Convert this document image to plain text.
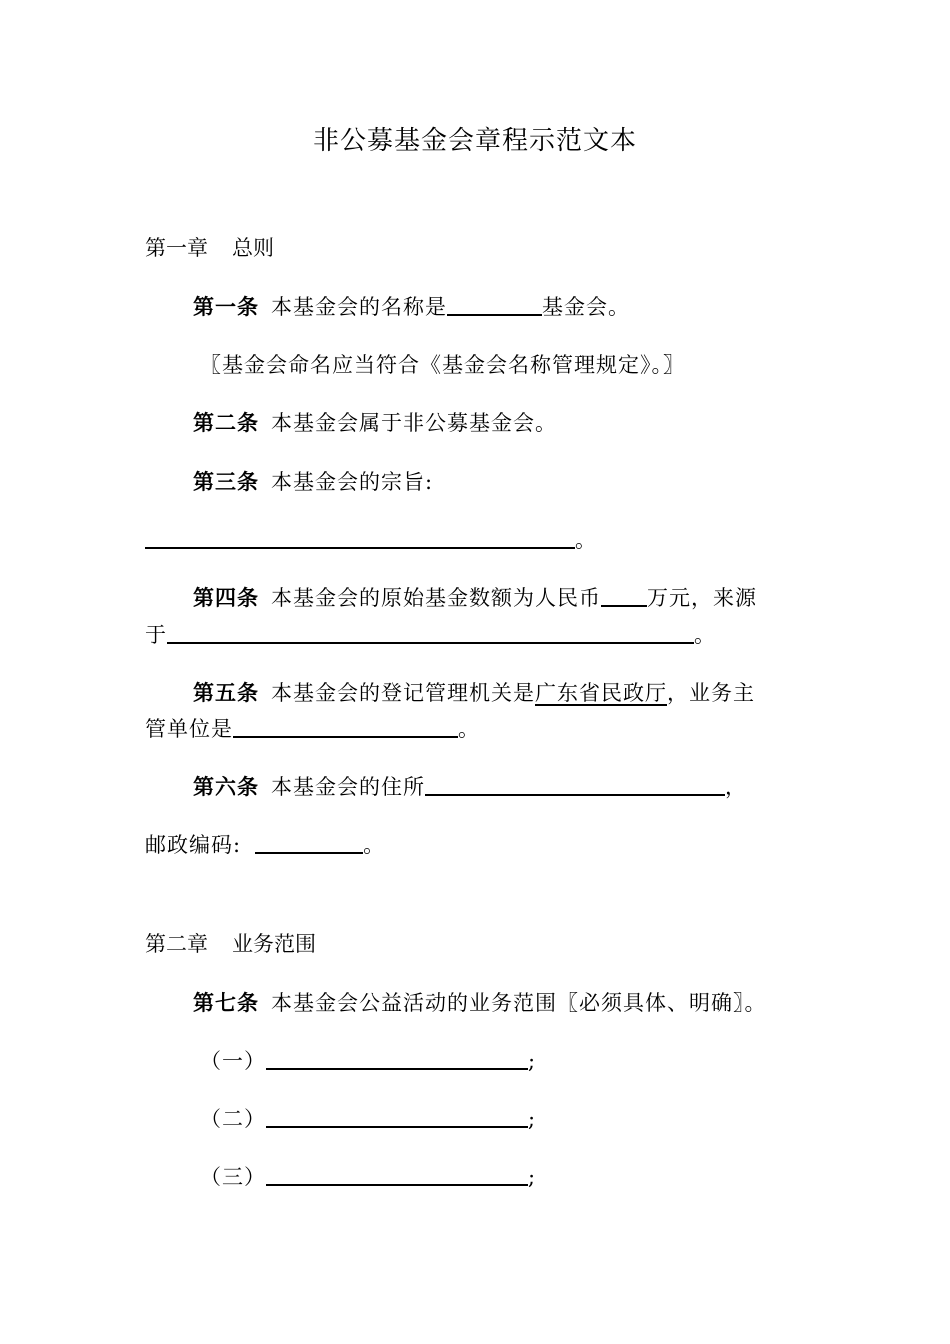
非公募基金会章程示范文本
第一章 总则
第一条 本基金会的名称是	基金会。
〖基金会命名应当符合《基金会名称管理规定》。〗
第二条 本基金会属于非公募基金会。
第三条 本基金会的宗旨:
。
第四条 本基金会的原始基金数额为人民币 万元，来源
于	。
第五条 本基金会的登记管理机关是广东省民政厅，业务主
管单位是	。
第六条 本基金会的住所	，
邮政编码:	。
第二章 业务范围
第七条 本基金会公益活动的业务范围〖必须具体、明确〗。
（一）	;
（二）	;
（三）	;
